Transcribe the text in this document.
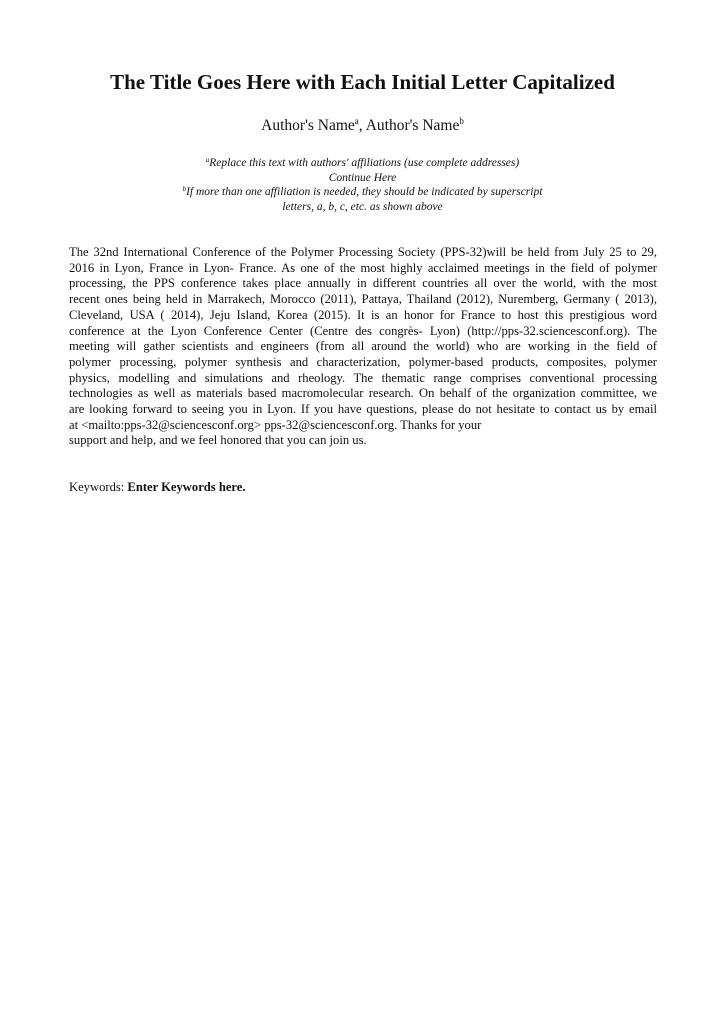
The Title Goes Here with Each Initial Letter Capitalized
Author's Name$^a$, Author's Name$^b$
$^a$Replace this text with authors' affiliations (use complete addresses)
Continue Here
$^b$If more than one affiliation is needed, they should be indicated by superscript
letters, a, b, c, etc. as shown above
The 32nd International Conference of the Polymer Processing Society (PPS-32)will be held from July 25 to 29,
2016 in Lyon, France in Lyon- France. As one of the most highly acclaimed meetings in the field of polymer
processing, the PPS conference takes place annually in different countries all over the world, with the most
recent ones being held in Marrakech, Morocco (2011), Pattaya, Thailand (2012), Nuremberg, Germany ( 2013),
Cleveland, USA ( 2014), Jeju Island, Korea (2015). It is an honor for France to host this prestigious word
conference at the Lyon Conference Center (Centre des congrès- Lyon) (http://pps-32.sciencesconf.org). The
meeting will gather scientists and engineers (from all around the world) who are working in the field of
polymer processing, polymer synthesis and characterization, polymer-based products, composites, polymer
physics, modelling and simulations and rheology. The thematic range comprises conventional processing
technologies as well as materials based macromolecular research. On behalf of the organization committee, we
are looking forward to seeing you in Lyon. If you have questions, please do not hesitate to contact us by email
at <mailto:pps-32@sciencesconf.org> pps-32@sciencesconf.org. Thanks for your
support and help, and we feel honored that you can join us.
Keywords: Enter Keywords here.
